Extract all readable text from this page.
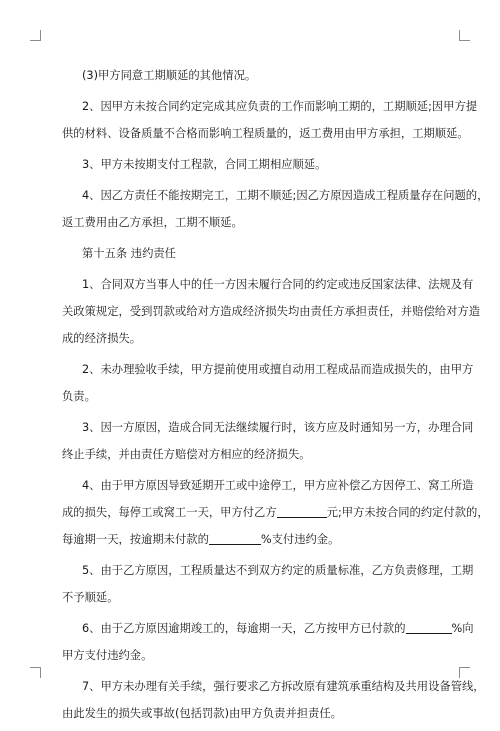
(3)甲方同意工期顺延的其他情况。

2、因甲方未按合同约定完成其应负责的工作而影响工期的，工期顺延;因甲方提
供的材料、设备质量不合格而影响工程质量的，返工费用由甲方承担，工期顺延。

3、甲方未按期支付工程款，合同工期相应顺延。

4、因乙方责任不能按期完工，工期不顺延;因乙方原因造成工程质量存在问题的，
返工费用由乙方承担，工期不顺延。

第十五条 违约责任

1、合同双方当事人中的任一方因未履行合同的约定或违反国家法律、法规及有
关政策规定，受到罚款或给对方造成经济损失均由责任方承担责任，并赔偿给对方造
成的经济损失。

2、未办理验收手续，甲方提前使用或擅自动用工程成品而造成损失的，由甲方
负责。

3、因一方原因，造成合同无法继续履行时，该方应及时通知另一方，办理合同
终止手续，并由责任方赔偿对方相应的经济损失。

4、由于甲方原因导致延期开工或中途停工，甲方应补偿乙方因停工、窝工所造
成的损失，每停工或窝工一天，甲方付乙方	元;甲方未按合同的约定付款的，
每逾期一天，按逾期未付款的	%支付违约金。

5、由于乙方原因，工程质量达不到双方约定的质量标准，乙方负责修理，工期
不予顺延。

6、由于乙方原因逾期竣工的，每逾期一天，乙方按甲方已付款的	%向
甲方支付违约金。

7、甲方未办理有关手续，强行要求乙方拆改原有建筑承重结构及共用设备管线，
由此发生的损失或事故(包括罚款)由甲方负责并担责任。
